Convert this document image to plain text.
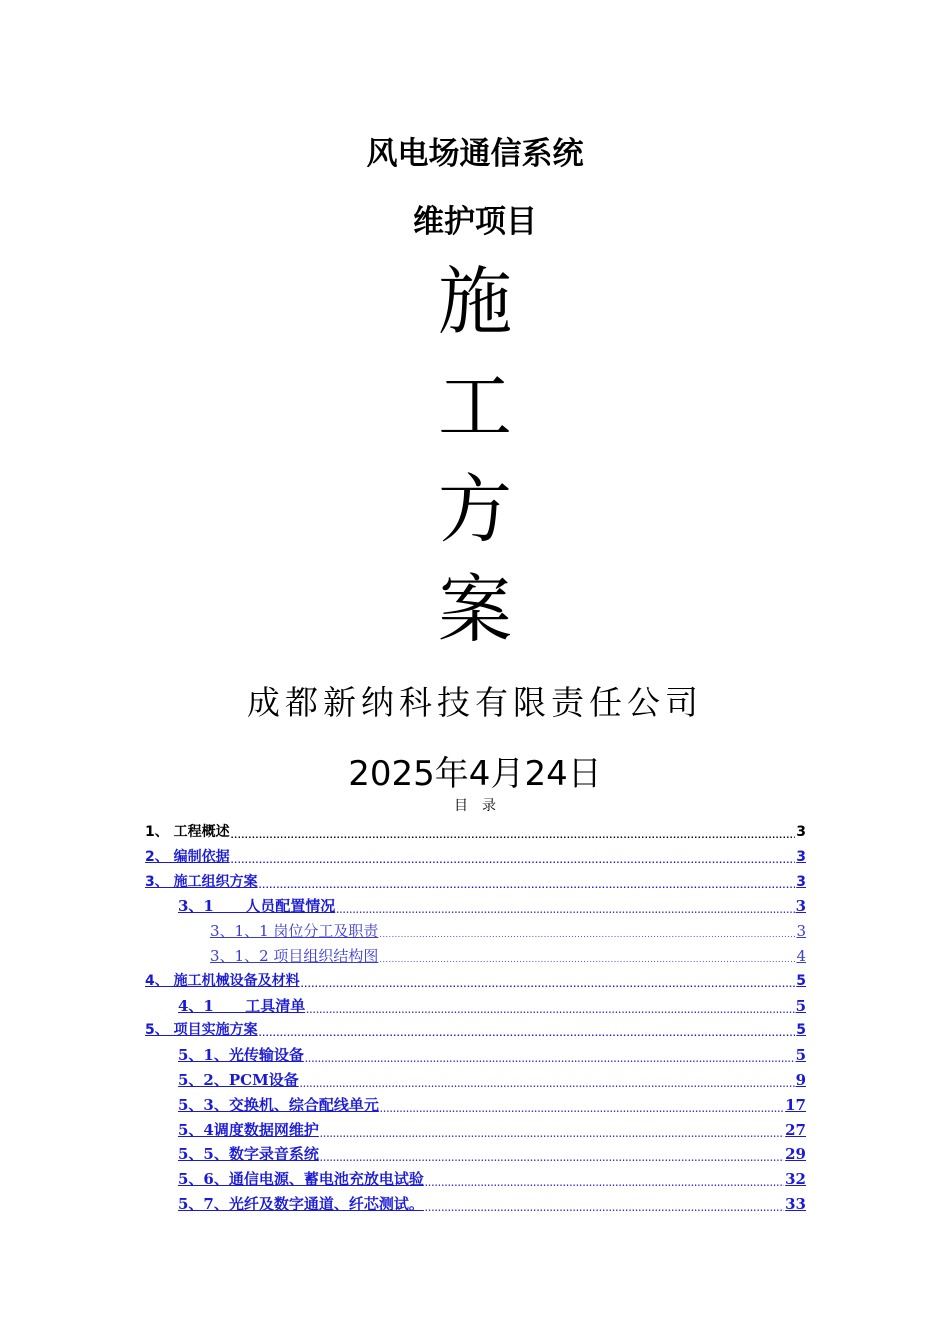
风电场通信系统
维护项目
施
工
方
案
成都新纳科技有限责任公司
2025年4月24日
目录
1、 工程概述 .....	3
2、 编制依据 .....	3
3、 施工组织方案 .....	3
3、1      人员配置情况 .....	3
3、1、1 岗位分工及职责 .....	3
3、1、2 项目组织结构图 .....	4
4、 施工机械设备及材料 .....	5
4、1      工具清单 .....	5
5、 项目实施方案 .....	5
5、1、光传输设备 .....	5
5、2、PCM设备 .....	9
5、3、交换机、综合配线单元 .....	17
5、4调度数据网维护 .....	27
5、5、数字录音系统 .....	29
5、6、通信电源、蓄电池充放电试验 .....	32
5、7、光纤及数字通道、纤芯测试。 .....	33
